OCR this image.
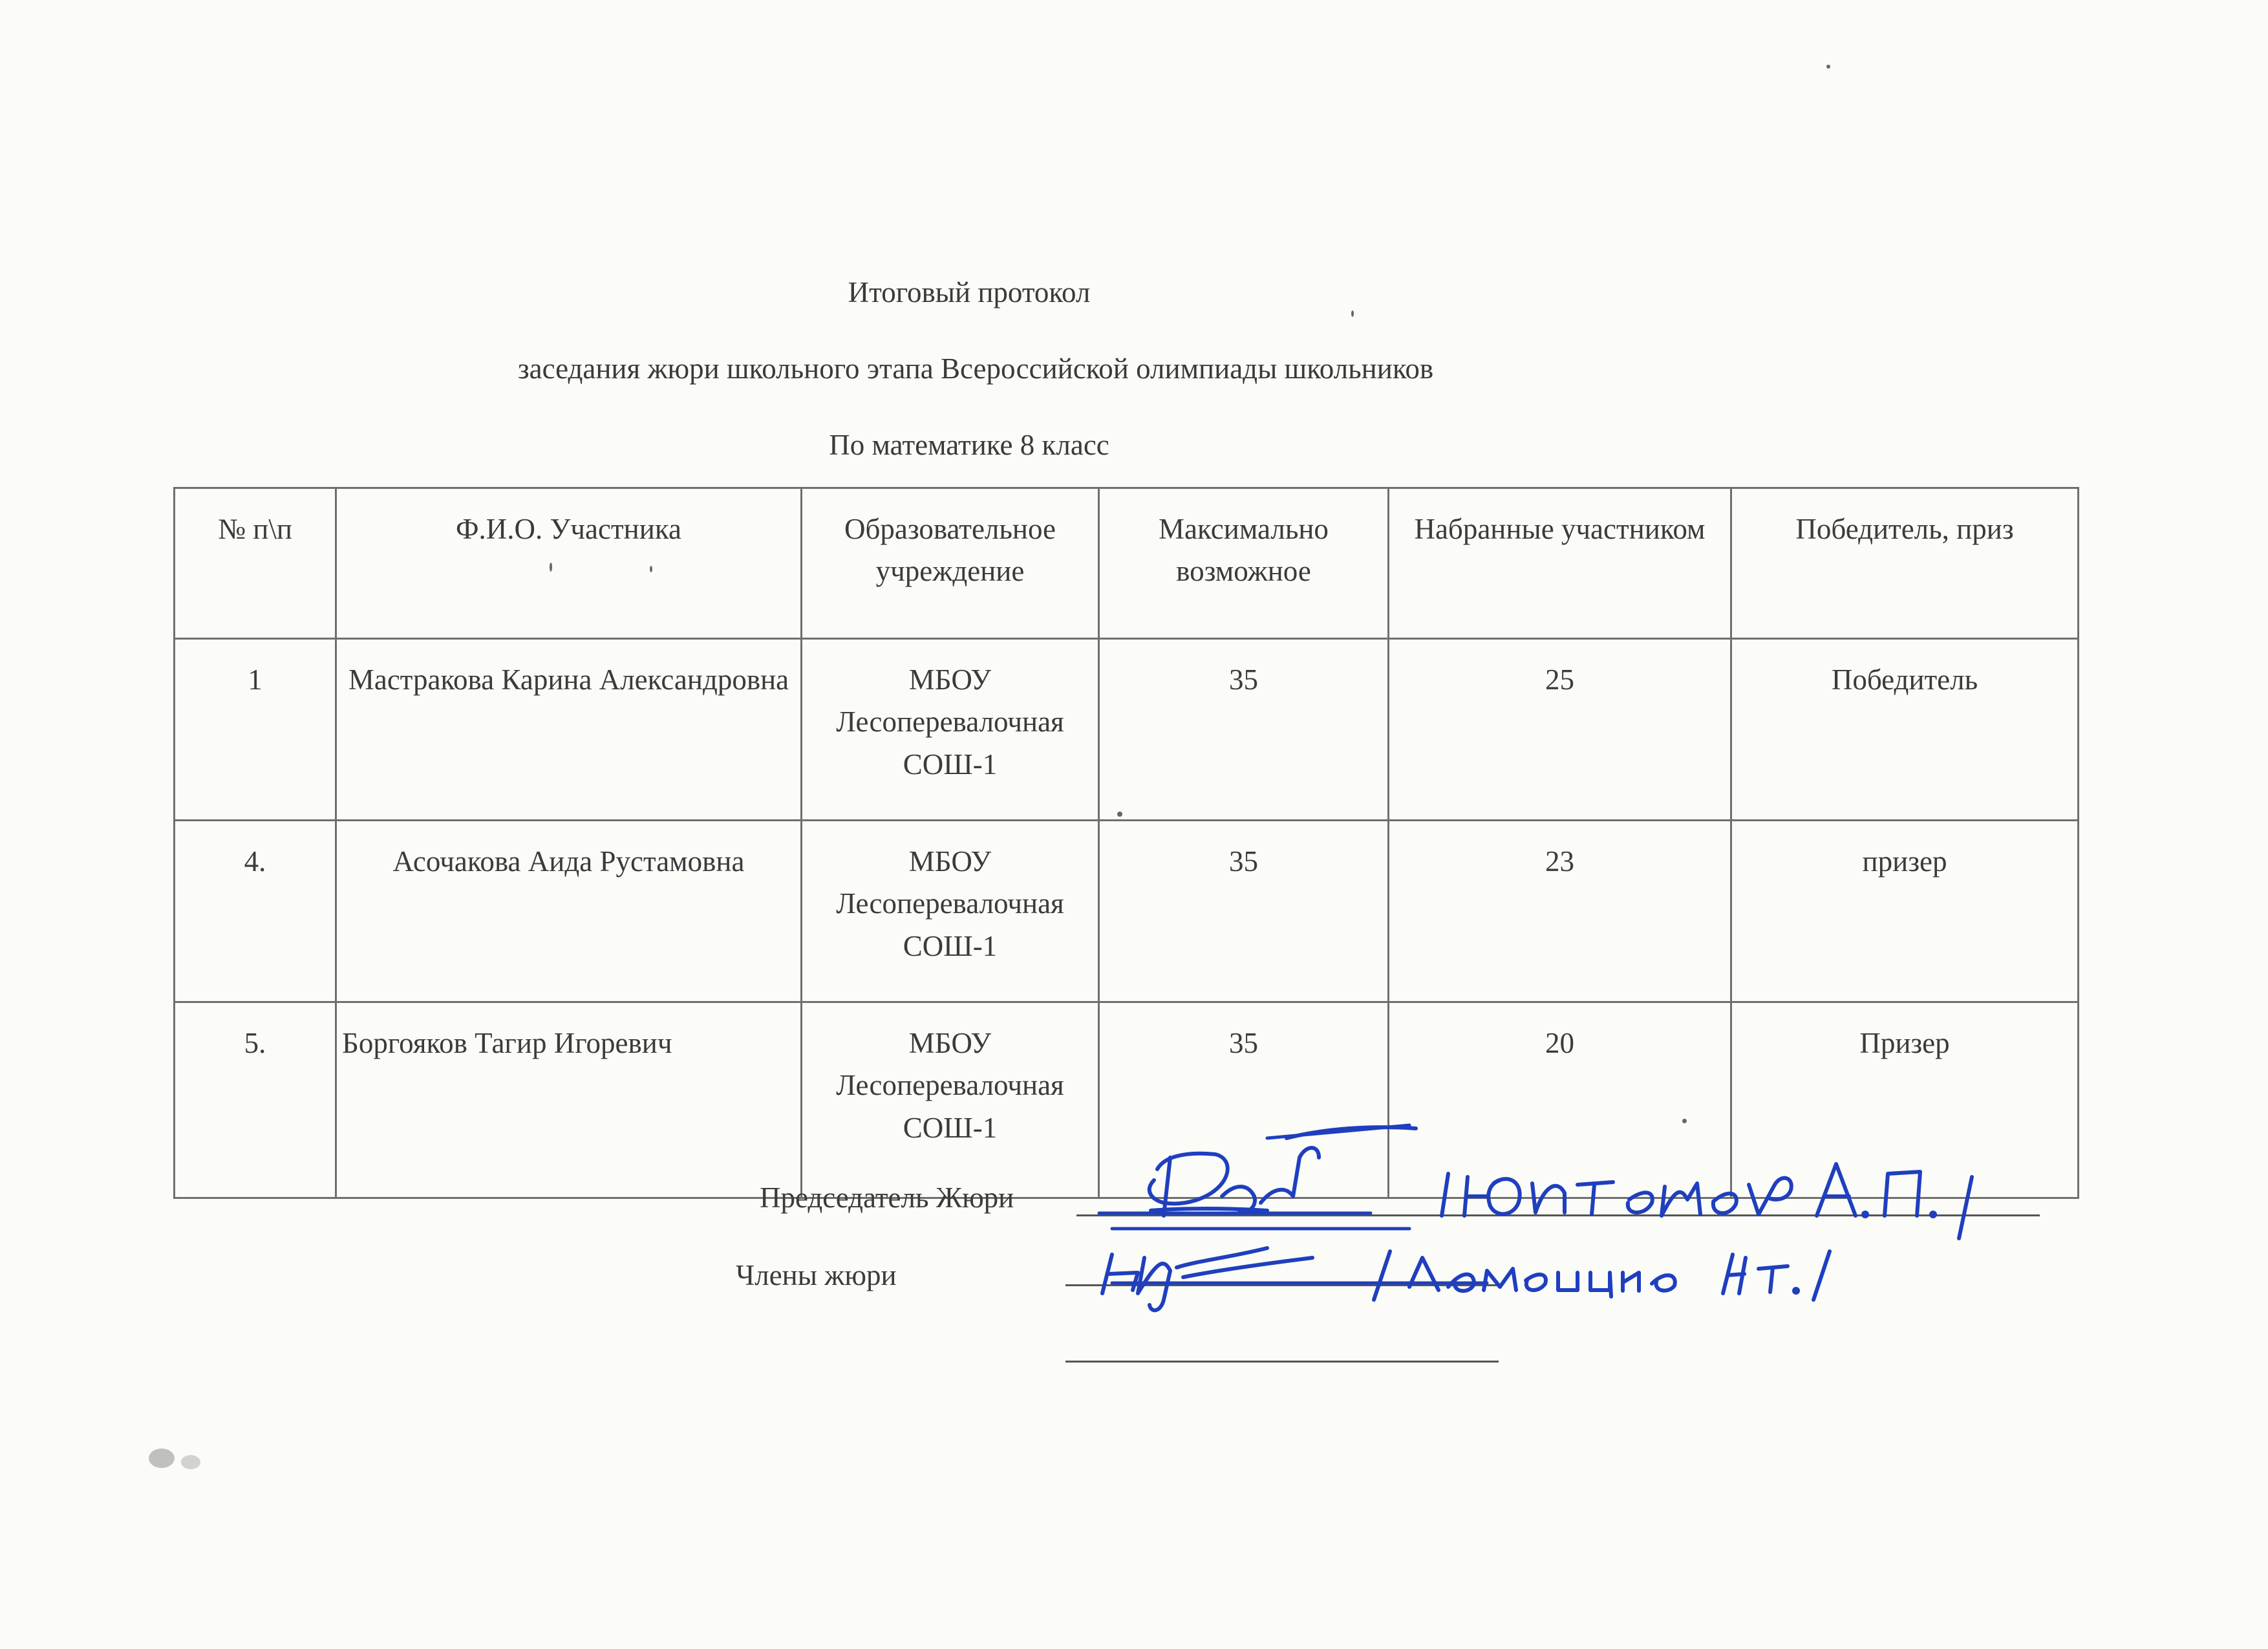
Итоговый протокол
заседания жюри школьного этапа Всероссийской олимпиады школьников
По математике 8 класс
№ п\п	Ф.И.О. Участника	Образовательное учреждение	Максимально возможное	Набранные участником	Победитель, приз
1	Мастракова Карина Александровна	МБОУ Лесоперевалочная СОШ-1	35	25	Победитель
4.	Асочакова Аида Рустамовна	МБОУ Лесоперевалочная СОШ-1	35	23	призер
5.	Боргояков Тагир Игоревич	МБОУ Лесоперевалочная СОШ-1	35	20	Призер
Председатель Жюри
Члены жюри
